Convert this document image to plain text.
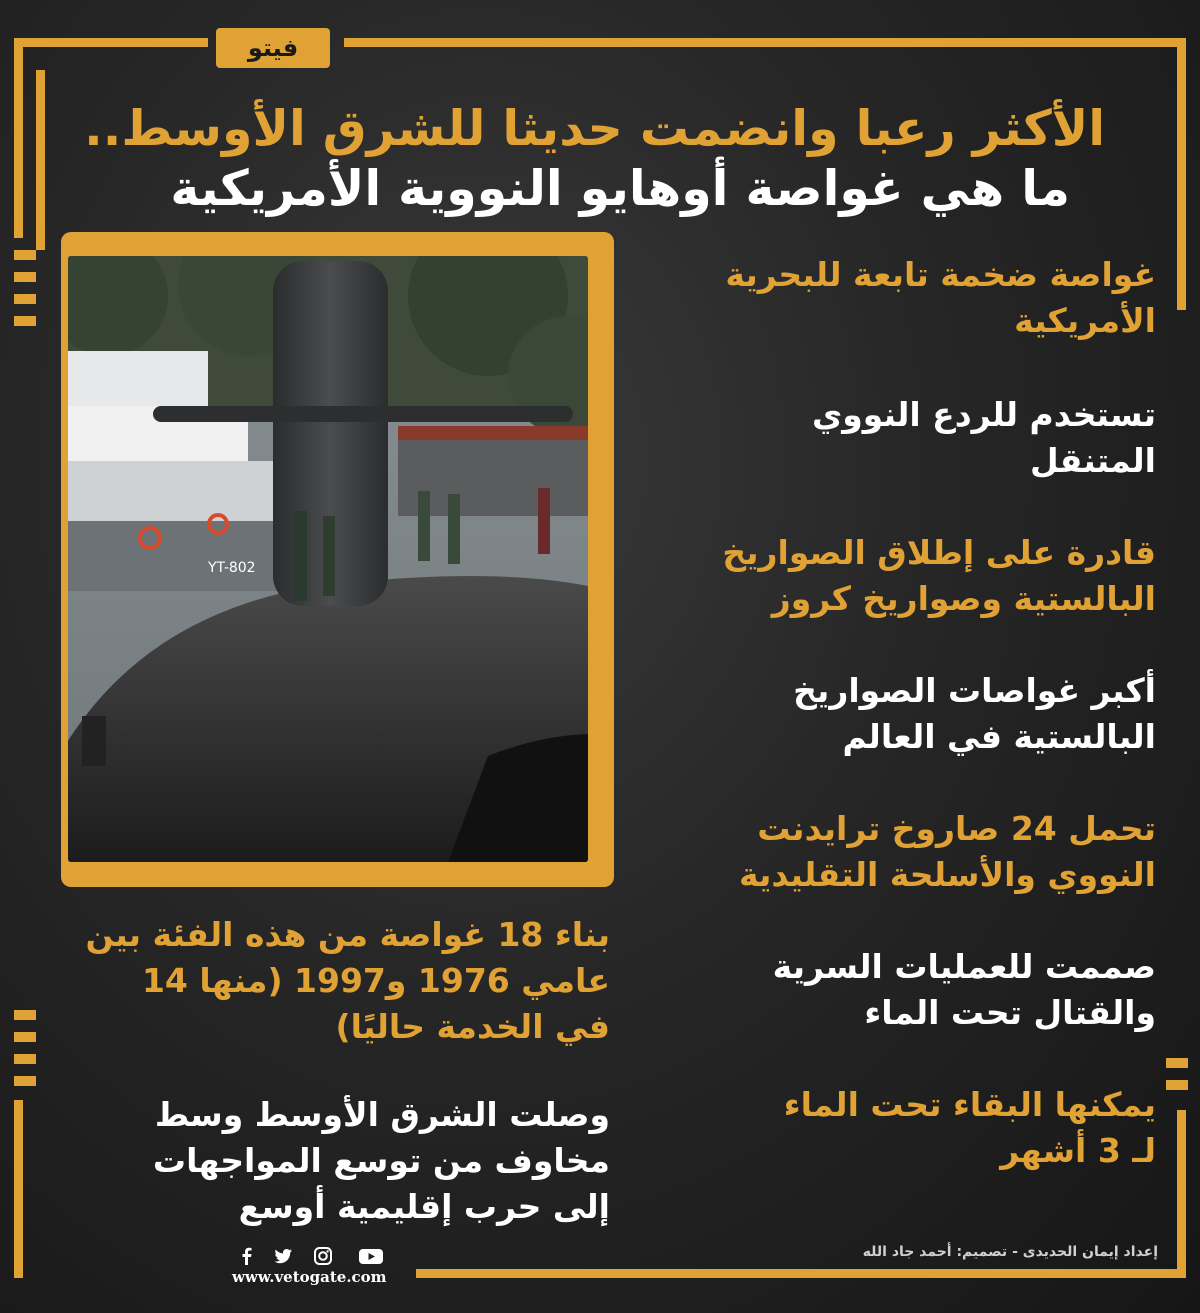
فيتو
الأكثر رعبا وانضمت حديثا للشرق الأوسط..
ما هي غواصة أوهايو النووية الأمريكية
YT-802
غواصة ضخمة تابعة للبحرية
الأمريكية
تستخدم للردع النووي
المتنقل
قادرة على إطلاق الصواريخ
البالستية وصواريخ كروز
أكبر غواصات الصواريخ
البالستية في العالم
تحمل 24 صاروخ ترايدنت
النووي والأسلحة التقليدية
صممت للعمليات السرية
والقتال تحت الماء
يمكنها البقاء تحت الماء
لـ 3 أشهر
بناء 18 غواصة من هذه الفئة بين
عامي 1976 و1997 (منها 14
في الخدمة حاليًا)
وصلت الشرق الأوسط وسط
مخاوف من توسع المواجهات
إلى حرب إقليمية أوسع
إعداد إيمان الحديدى - تصميم: أحمد جاد الله
www.vetogate.com
